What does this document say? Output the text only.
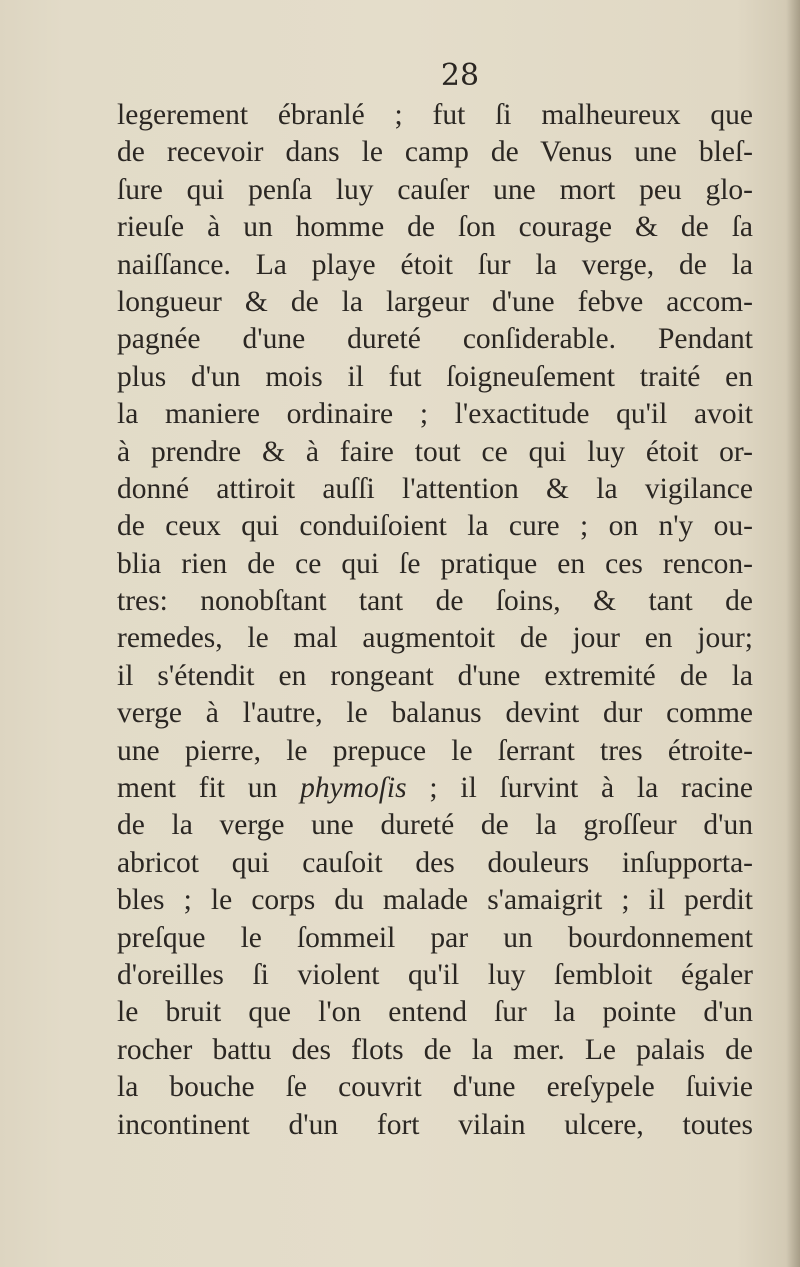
28
legerement ébranlé ; fut ſi malheureux que
de recevoir dans le camp de Venus une bleſ-
ſure qui penſa luy cauſer une mort peu glo-
rieuſe à un homme de ſon courage & de ſa
naiſſance. La playe étoit ſur la verge, de la
longueur & de la largeur d'une febve accom-
pagnée d'une dureté conſiderable. Pendant
plus d'un mois il fut ſoigneuſement traité en
la maniere ordinaire ; l'exactitude qu'il avoit
à prendre & à faire tout ce qui luy étoit or-
donné attiroit auſſi l'attention & la vigilance
de ceux qui conduiſoient la cure ; on n'y ou-
blia rien de ce qui ſe pratique en ces rencon-
tres: nonobſtant tant de ſoins, & tant de
remedes, le mal augmentoit de jour en jour;
il s'étendit en rongeant d'une extremité de la
verge à l'autre, le balanus devint dur comme
une pierre, le prepuce le ſerrant tres étroite-
ment fit un phymoſis ; il ſurvint à la racine
de la verge une dureté de la groſſeur d'un
abricot qui cauſoit des douleurs inſupporta-
bles ; le corps du malade s'amaigrit ; il perdit
preſque le ſommeil par un bourdonnement
d'oreilles ſi violent qu'il luy ſembloit égaler
le bruit que l'on entend ſur la pointe d'un
rocher battu des flots de la mer. Le palais de
la bouche ſe couvrit d'une ereſypele ſuivie
incontinent d'un fort vilain ulcere, toutes
